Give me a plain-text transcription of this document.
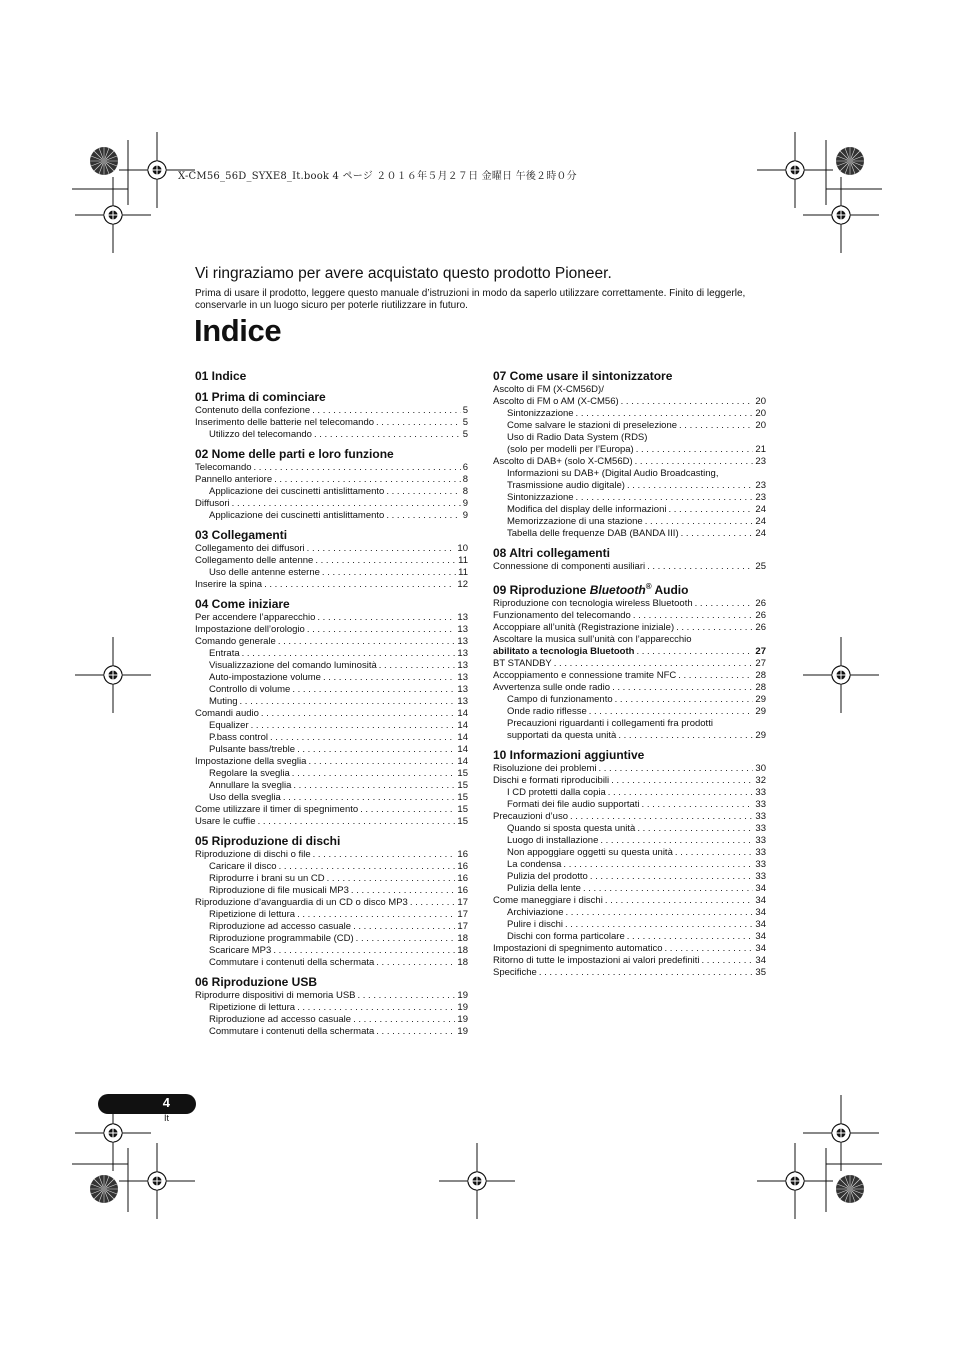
X-CM56_56D_SYXE8_It.book 4 ページ ２０１６年５月２７日 金曜日 午後２時０分
Vi ringraziamo per avere acquistato questo prodotto Pioneer.
Prima di usare il prodotto, leggere questo manuale d’istruzioni in modo da saperlo utilizzare correttamente. Finito di leggerle, conservarle in un luogo sicuro per poterle riutilizzare in futuro.
Indice
01 Indice
01 Prima di cominciare
Contenuto della confezione . . .	5
Inserimento delle batterie nel telecomando . . .	5
Utilizzo del telecomando . . .	5
02 Nome delle parti e loro funzione
Telecomando . . .	6
Pannello anteriore . . .	8
Applicazione dei cuscinetti antislittamento . . .	8
Diffusori . . .	9
Applicazione dei cuscinetti antislittamento . . .	9
03 Collegamenti
Collegamento dei diffusori . . .	10
Collegamento delle antenne . . .	11
Uso delle antenne esterne . . .	11
Inserire la spina . . .	12
04 Come iniziare
Per accendere l’apparecchio . . .	13
Impostazione dell’orologio . . .	13
Comando generale . . .	13
Entrata . . .	13
Visualizzazione del comando luminosità . . .	13
Auto-impostazione volume . . .	13
Controllo di volume . . .	13
Muting . . .	13
Comandi audio . . .	14
Equalizer . . .	14
P.bass control . . .	14
Pulsante bass/treble . . .	14
Impostazione della sveglia . . .	14
Regolare la sveglia . . .	15
Annullare la sveglia . . .	15
Uso della sveglia . . .	15
Come utilizzare il timer di spegnimento . . .	15
Usare le cuffie . . .	15
05 Riproduzione di dischi
Riproduzione di dischi o file . . .	16
Caricare il disco . . .	16
Riprodurre i brani su un CD . . .	16
Riproduzione di file musicali MP3 . . .	16
Riproduzione d’avanguardia di un CD o disco MP3 . . .	17
Ripetizione di lettura . . .	17
Riproduzione ad accesso casuale . . .	17
Riproduzione programmabile (CD) . . .	18
Scaricare MP3 . . .	18
Commutare i contenuti della schermata . . .	18
06 Riproduzione USB
Riprodurre dispositivi di memoria USB . . .	19
Ripetizione di lettura . . .	19
Riproduzione ad accesso casuale . . .	19
Commutare i contenuti della schermata . . .	19
07 Come usare il sintonizzatore
Ascolto di FM (X-CM56D)/
Ascolto di FM o AM (X-CM56) . . .	20
Sintonizzazione . . .	20
Come salvare le stazioni di preselezione . . .	20
Uso di Radio Data System (RDS)
(solo per modelli per l’Europa) . . .	21
Ascolto di DAB+ (solo X-CM56D) . . .	23
Informazioni su DAB+ (Digital Audio Broadcasting,
Trasmissione audio digitale) . . .	23
Sintonizzazione . . .	23
Modifica del display delle informazioni . . .	24
Memorizzazione di una stazione . . .	24
Tabella delle frequenze DAB (BANDA III) . . .	24
08 Altri collegamenti
Connessione di componenti ausiliari . . .	25
09 Riproduzione Bluetooth® Audio
Riproduzione con tecnologia wireless Bluetooth . . .	26
Funzionamento del telecomando . . .	26
Accoppiare all’unità (Registrazione iniziale) . . .	26
Ascoltare la musica sull’unità con l’apparecchio
abilitato a tecnologia Bluetooth . . .	27
BT STANDBY . . .	27
Accoppiamento e connessione tramite NFC . . .	28
Avvertenza sulle onde radio . . .	28
Campo di funzionamento . . .	29
Onde radio riflesse . . .	29
Precauzioni riguardanti i collegamenti fra prodotti
supportati da questa unità . . .	29
10 Informazioni aggiuntive
Risoluzione dei problemi . . .	30
Dischi e formati riproducibili . . .	32
I CD protetti dalla copia . . .	33
Formati dei file audio supportati . . .	33
Precauzioni d’uso . . .	33
Quando si sposta questa unità . . .	33
Luogo di installazione . . .	33
Non appoggiare oggetti su questa unità . . .	33
La condensa . . .	33
Pulizia del prodotto . . .	33
Pulizia della lente . . .	34
Come maneggiare i dischi . . .	34
Archiviazione . . .	34
Pulire i dischi . . .	34
Dischi con forma particolare . . .	34
Impostazioni di spegnimento automatico . . .	34
Ritorno di tutte le impostazioni ai valori predefiniti . . .	34
Specifiche . . .	35
4
It
